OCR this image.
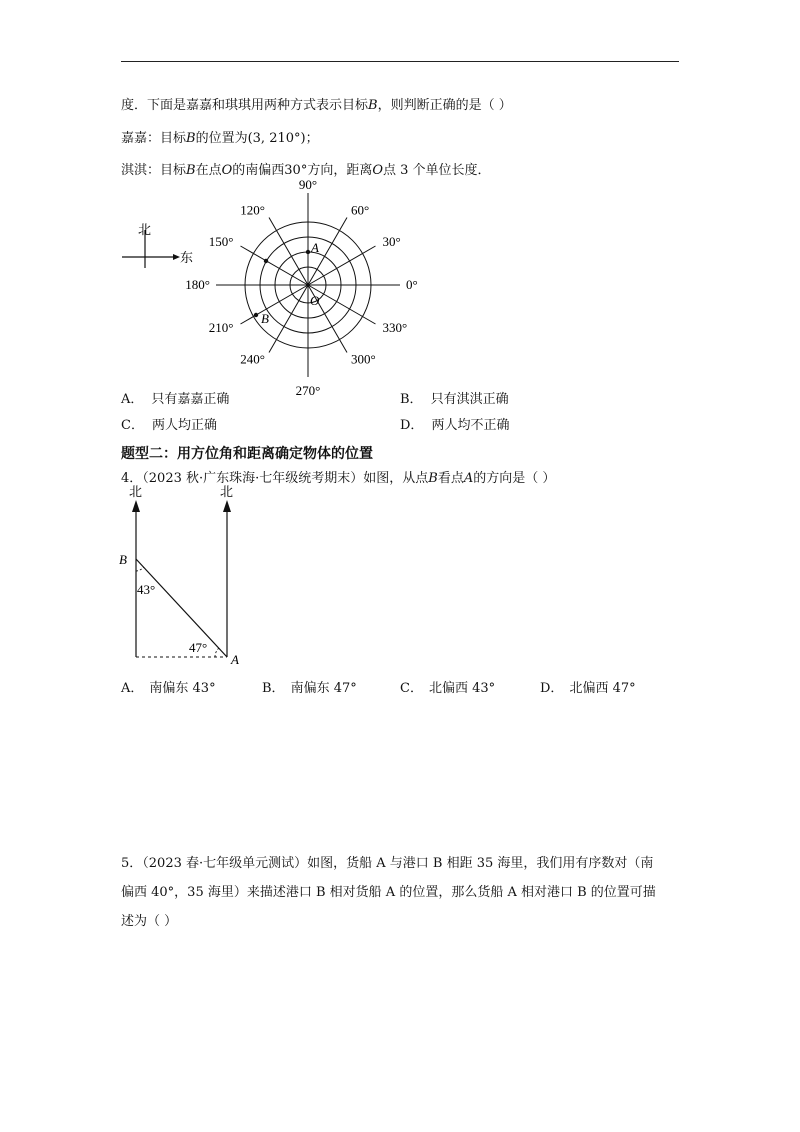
度．下面是嘉嘉和琪琪用两种方式表示目标B，则判断正确的是（ ）
嘉嘉：目标B的位置为(3, 210°)；
淇淇：目标B在点O的南偏西30°方向，距离O点 3 个单位长度．
北
东
0°
30°
60°
90°
120°
150°
180°
210°
240°
270°
300°
330°
A
B
O
A． 只有嘉嘉正确	B． 只有淇淇正确
C． 两人均正确	D． 两人均不正确
题型二：用方位角和距离确定物体的位置
4．（2023 秋·广东珠海·七年级统考期末）如图，从点B看点A的方向是（ ）
北	北
B
A
43°
47°
A． 南偏东 43°	B． 南偏东 47°	C． 北偏西 43°	D． 北偏西 47°
5．（2023 春·七年级单元测试）如图，货船 A 与港口 B 相距 35 海里，我们用有序数对（南
偏西 40°，35 海里）来描述港口 B 相对货船 A 的位置，那么货船 A 相对港口 B 的位置可描
述为（ ）
